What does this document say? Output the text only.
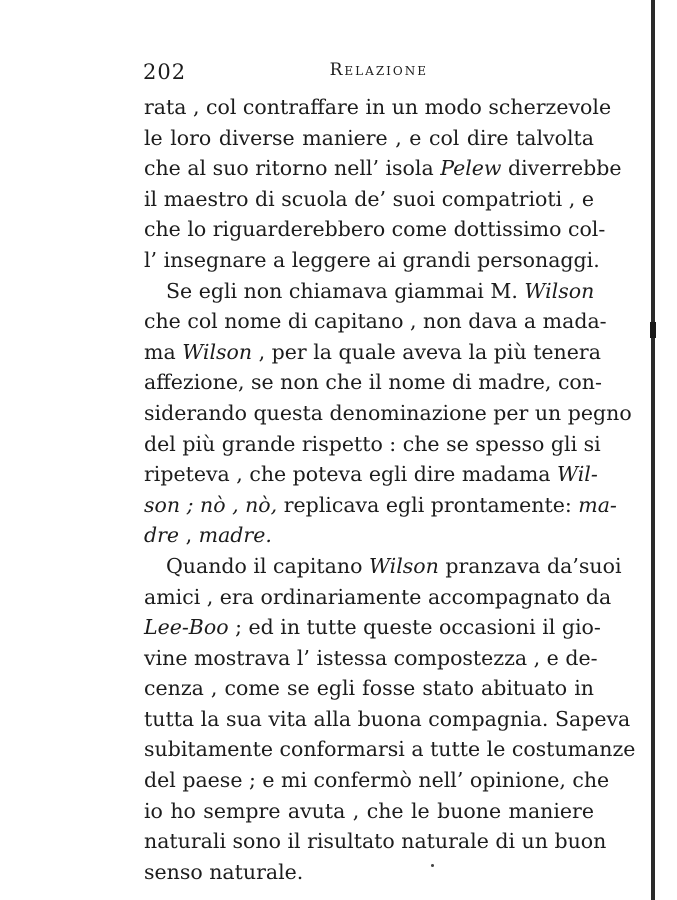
202	Relazione
rata , col contraffare in un modo scherzevole
le loro diverse maniere , e col dire talvolta
che al suo ritorno nell’ isola Pelew diverrebbe
il maestro di scuola de’ suoi compatrioti , e
che lo riguarderebbero come dottissimo col-
l’ insegnare a leggere ai grandi personaggi.
Se egli non chiamava giammai M. Wilson
che col nome di capitano , non dava a mada-
ma Wilson , per la quale aveva la più tenera
affezione, se non che il nome di madre, con-
siderando questa denominazione per un pegno
del più grande rispetto : che se spesso gli si
ripeteva , che poteva egli dire madama Wil-
son ; nò , nò, replicava egli prontamente: ma-
dre , madre.
Quando il capitano Wilson pranzava da’suoi
amici , era ordinariamente accompagnato da
Lee-Boo ; ed in tutte queste occasioni il gio-
vine mostrava l’ istessa compostezza , e de-
cenza , come se egli fosse stato abituato in
tutta la sua vita alla buona compagnia. Sapeva
subitamente conformarsi a tutte le costumanze
del paese ; e mi confermò nell’ opinione, che
io ho sempre avuta , che le buone maniere
naturali sono il risultato naturale di un buon
senso naturale.
